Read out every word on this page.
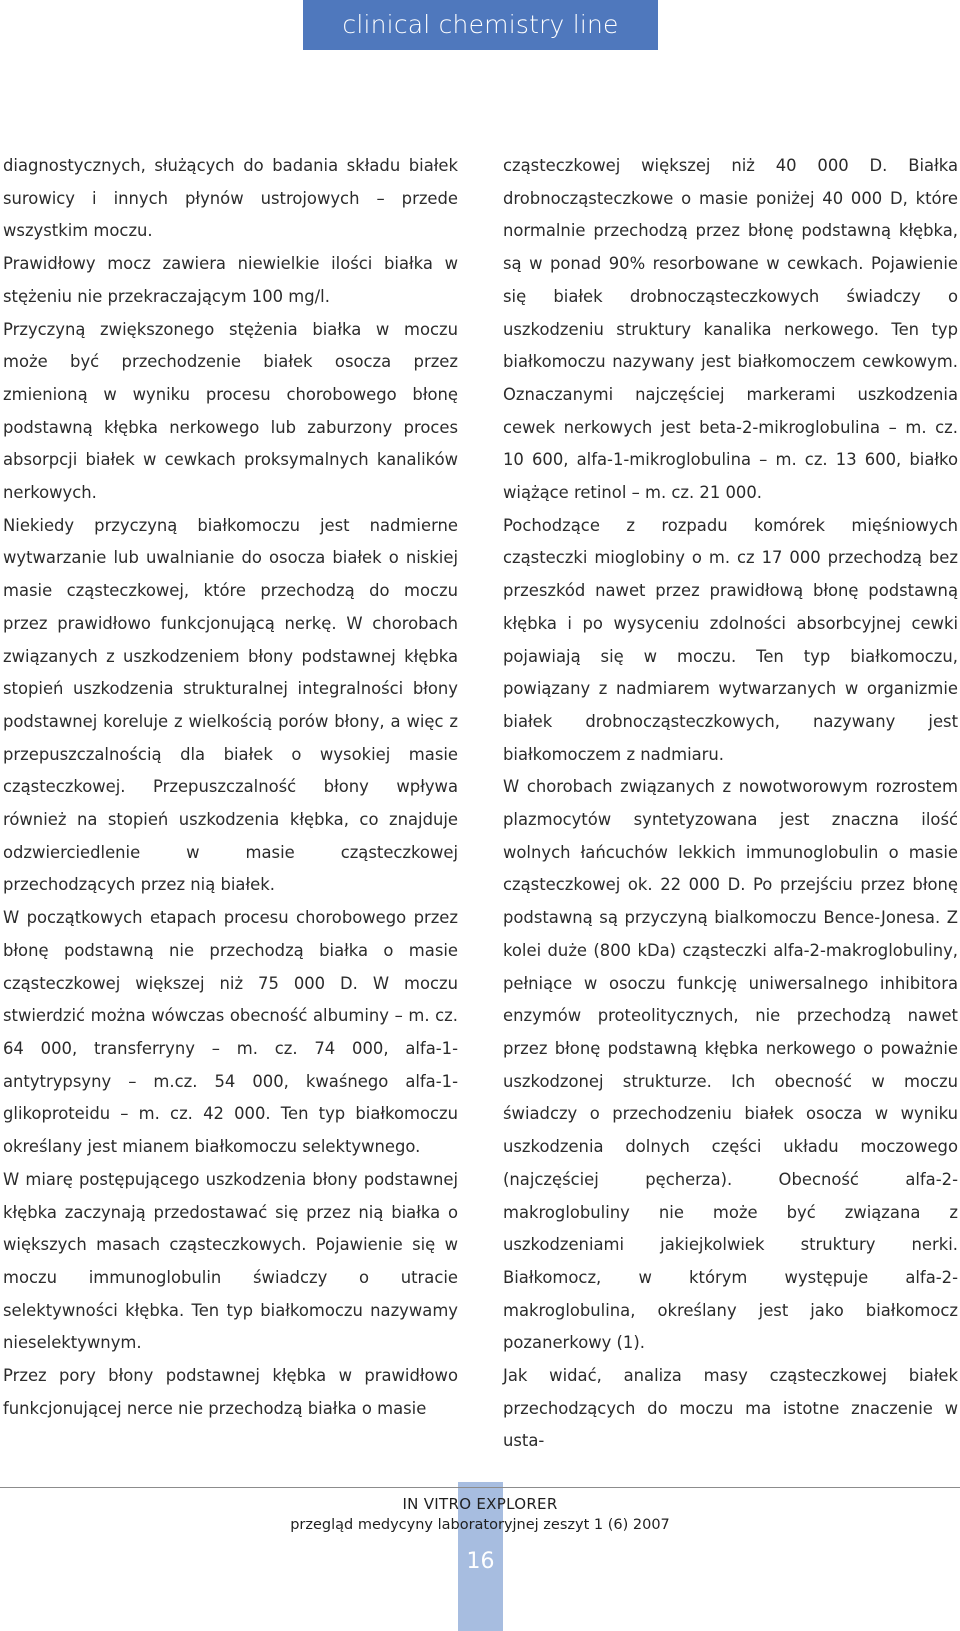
clinical chemistry line

diagnostycznych, służących do badania składu białek surowicy i innych płynów ustrojowych – przede wszystkim moczu.

Prawidłowy mocz zawiera niewielkie ilości białka w stężeniu nie przekraczającym 100 mg/l.

Przyczyną zwiększonego stężenia białka w moczu może być przechodzenie białek osocza przez zmienioną w wyniku procesu chorobowego błonę podstawną kłębka nerkowego lub zaburzony proces absorpcji białek w cewkach proksymalnych kanalików nerkowych.

Niekiedy przyczyną białkomoczu jest nadmierne wytwarzanie lub uwalnianie do osocza białek o niskiej masie cząsteczkowej, które przechodzą do moczu przez prawidłowo funkcjonującą nerkę. W chorobach związanych z uszkodzeniem błony podstawnej kłębka stopień uszkodzenia strukturalnej integralności błony podstawnej koreluje z wielkością porów błony, a więc z przepuszczalnością dla białek o wysokiej masie cząsteczkowej. Przepuszczalność błony wpływa również na stopień uszkodzenia kłębka, co znajduje odzwierciedlenie w masie cząsteczkowej przechodzących przez nią białek.

W początkowych etapach procesu chorobowego przez błonę podstawną nie przechodzą białka o masie cząsteczkowej większej niż 75 000 D. W moczu stwierdzić można wówczas obecność albuminy – m. cz. 64 000, transferryny – m. cz. 74 000, alfa-1-antytrypsyny – m.cz. 54 000, kwaśnego alfa-1-glikoproteidu – m. cz. 42 000. Ten typ białkomoczu określany jest mianem białkomoczu selektywnego.

W miarę postępującego uszkodzenia błony podstawnej kłębka zaczynają przedostawać się przez nią białka o większych masach cząsteczkowych. Pojawienie się w moczu immunoglobulin świadczy o utracie selektywności kłębka. Ten typ białkomoczu nazywamy nieselektywnym.

Przez pory błony podstawnej kłębka w prawidłowo funkcjonującej nerce nie przechodzą białka o masie

cząsteczkowej większej niż 40 000 D. Białka drobnocząsteczkowe o masie poniżej 40 000 D, które normalnie przechodzą przez błonę podstawną kłębka, są w ponad 90% resorbowane w cewkach. Pojawienie się białek drobnocząsteczkowych świadczy o uszkodzeniu struktury kanalika nerkowego. Ten typ białkomoczu nazywany jest białkomoczem cewkowym. Oznaczanymi najczęściej markerami uszkodzenia cewek nerkowych jest beta-2-mikroglobulina – m. cz. 10 600, alfa-1-mikroglobulina – m. cz. 13 600, białko wiążące retinol – m. cz. 21 000.

Pochodzące z rozpadu komórek mięśniowych cząsteczki mioglobiny o m. cz 17 000 przechodzą bez przeszkód nawet przez prawidłową błonę podstawną kłębka i po wysyceniu zdolności absorbcyjnej cewki pojawiają się w moczu. Ten typ białkomoczu, powiązany z nadmiarem wytwarzanych w organizmie białek drobnocząsteczkowych, nazywany jest białkomoczem z nadmiaru.

W chorobach związanych z nowotworowym rozrostem plazmocytów syntetyzowana jest znaczna ilość wolnych łańcuchów lekkich immunoglobulin o masie cząsteczkowej ok. 22 000 D. Po przejściu przez błonę podstawną są przyczyną bialkomoczu Bence-Jonesa. Z kolei duże (800 kDa) cząsteczki alfa-2-makroglobuliny, pełniące w osoczu funkcję uniwersalnego inhibitora enzymów proteolitycznych, nie przechodzą nawet przez błonę podstawną kłębka nerkowego o poważnie uszkodzonej strukturze. Ich obecność w moczu świadczy o przechodzeniu białek osocza w wyniku uszkodzenia dolnych części układu moczowego (najczęściej pęcherza). Obecność alfa-2-makroglobuliny nie może być związana z uszkodzeniami jakiejkolwiek struktury nerki. Białkomocz, w którym występuje alfa-2-makroglobulina, określany jest jako białkomocz pozanerkowy (1).

Jak widać, analiza masy cząsteczkowej białek przechodzących do moczu ma istotne znaczenie w usta-

IN VITRO EXPLORER
przegląd medycyny laboratoryjnej zeszyt 1 (6) 2007
16
